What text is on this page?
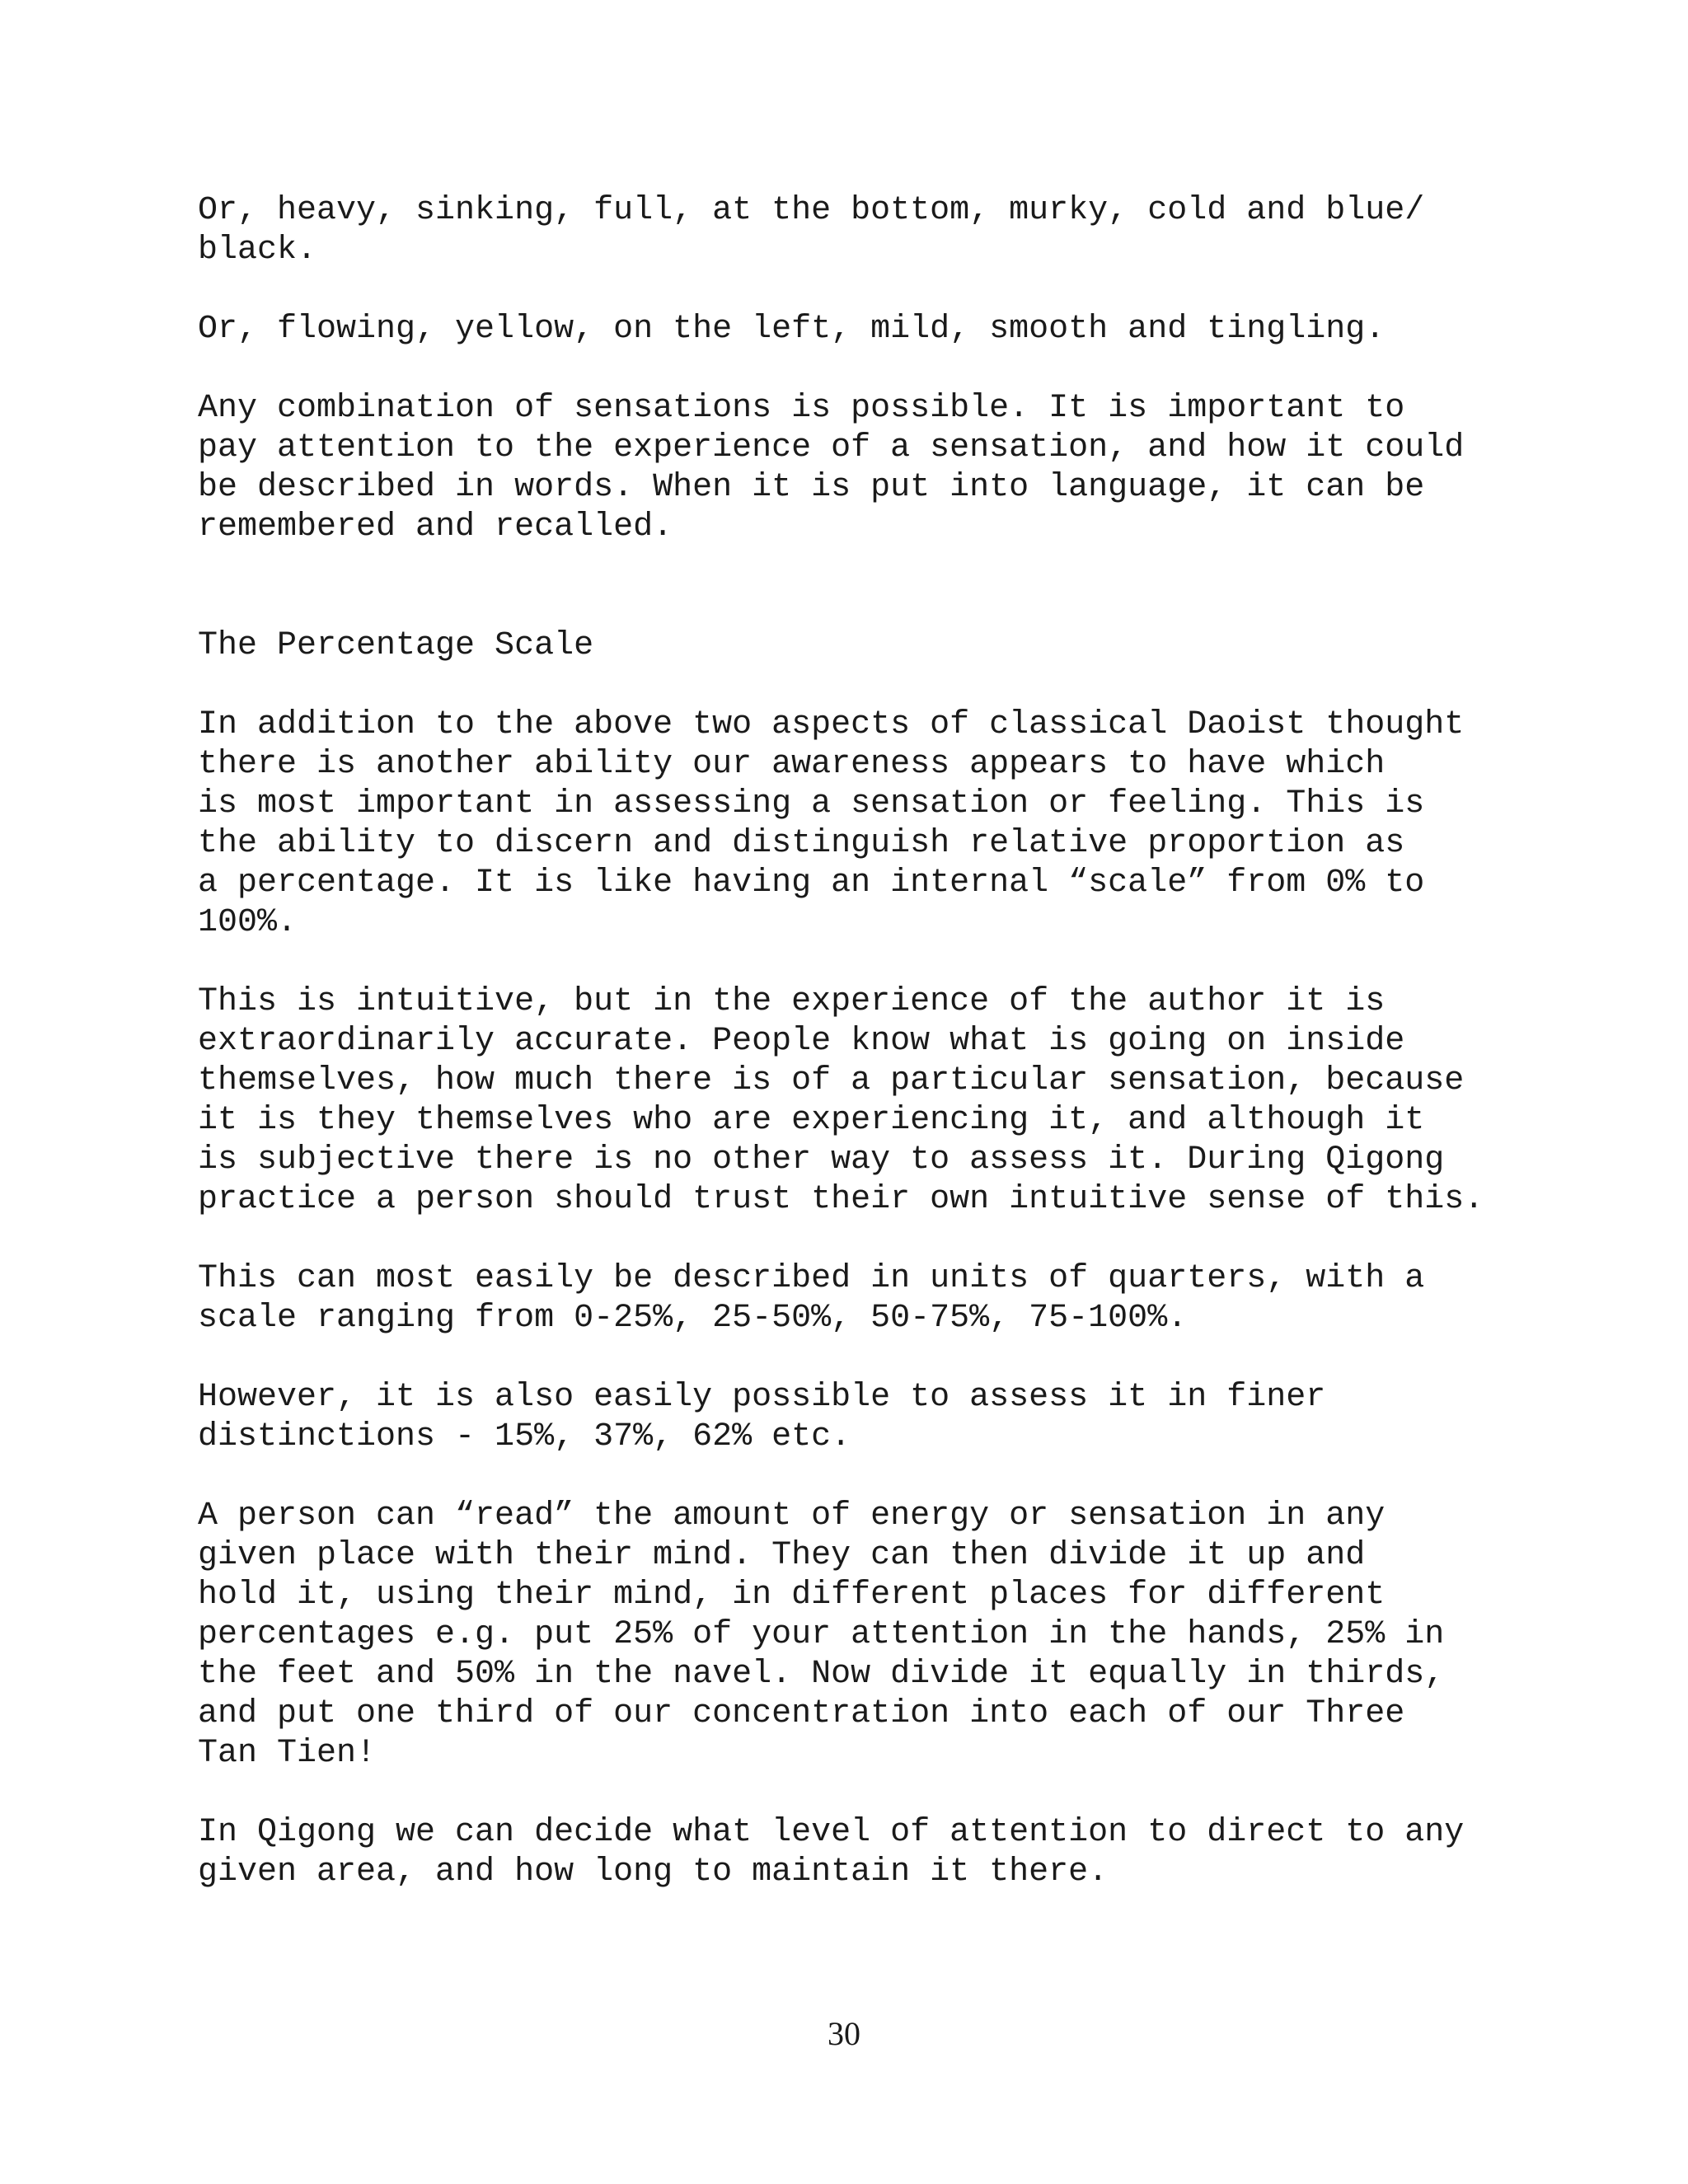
Or, heavy, sinking, full, at the bottom, murky, cold and blue/
black.
Or, flowing, yellow, on the left, mild, smooth and tingling.
Any combination of sensations is possible. It is important to
pay attention to the experience of a sensation, and how it could
be described in words. When it is put into language, it can be
remembered and recalled.
The Percentage Scale
In addition to the above two aspects of classical Daoist thought
there is another ability our awareness appears to have which
is most important in assessing a sensation or feeling. This is
the ability to discern and distinguish relative proportion as
a percentage. It is like having an internal “scale” from 0% to
100%.
This is intuitive, but in the experience of the author it is
extraordinarily accurate. People know what is going on inside
themselves, how much there is of a particular sensation, because
it is they themselves who are experiencing it, and although it
is subjective there is no other way to assess it. During Qigong
practice a person should trust their own intuitive sense of this.
This can most easily be described in units of quarters, with a
scale ranging from 0-25%, 25-50%, 50-75%, 75-100%.
However, it is also easily possible to assess it in finer
distinctions - 15%, 37%, 62% etc.
A person can “read” the amount of energy or sensation in any
given place with their mind. They can then divide it up and
hold it, using their mind, in different places for different
percentages e.g. put 25% of your attention in the hands, 25% in
the feet and 50% in the navel. Now divide it equally in thirds,
and put one third of our concentration into each of our Three
Tan Tien!
In Qigong we can decide what level of attention to direct to any
given area, and how long to maintain it there.
30
